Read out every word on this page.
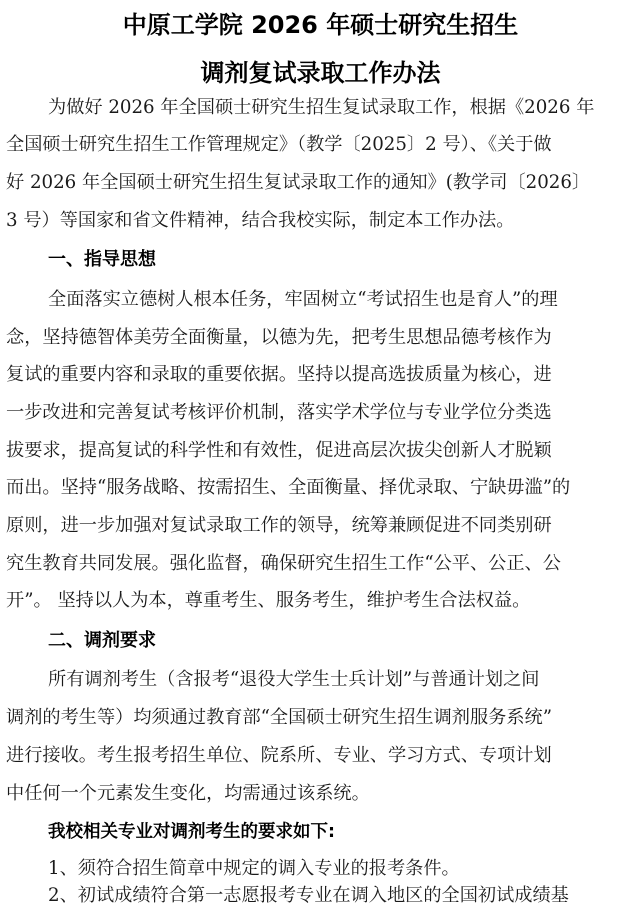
中原工学院 2026 年硕士研究生招生
调剂复试录取工作办法
为做好 2026 年全国硕士研究生招生复试录取工作，根据《2026 年
全国硕士研究生招生工作管理规定》（教学〔2025〕2 号）、《关于做
好 2026 年全国硕士研究生招生复试录取工作的通知》(教学司〔2026〕
3 号）等国家和省文件精神，结合我校实际，制定本工作办法。
一、指导思想
全面落实立德树人根本任务，牢固树立“考试招生也是育人”的理
念，坚持德智体美劳全面衡量，以德为先，把考生思想品德考核作为
复试的重要内容和录取的重要依据。坚持以提高选拔质量为核心，进
一步改进和完善复试考核评价机制，落实学术学位与专业学位分类选
拔要求，提高复试的科学性和有效性，促进高层次拔尖创新人才脱颖
而出。坚持“服务战略、按需招生、全面衡量、择优录取、宁缺毋滥”的
原则，进一步加强对复试录取工作的领导，统筹兼顾促进不同类别研
究生教育共同发展。强化监督，确保研究生招生工作“公平、公正、公
开”。 坚持以人为本，尊重考生、服务考生，维护考生合法权益。
二、调剂要求
所有调剂考生（含报考“退役大学生士兵计划”与普通计划之间
调剂的考生等）均须通过教育部“全国硕士研究生招生调剂服务系统”
进行接收。考生报考招生单位、院系所、专业、学习方式、专项计划
中任何一个元素发生变化，均需通过该系统。
我校相关专业对调剂考生的要求如下:
1、须符合招生简章中规定的调入专业的报考条件。
2、初试成绩符合第一志愿报考专业在调入地区的全国初试成绩基
